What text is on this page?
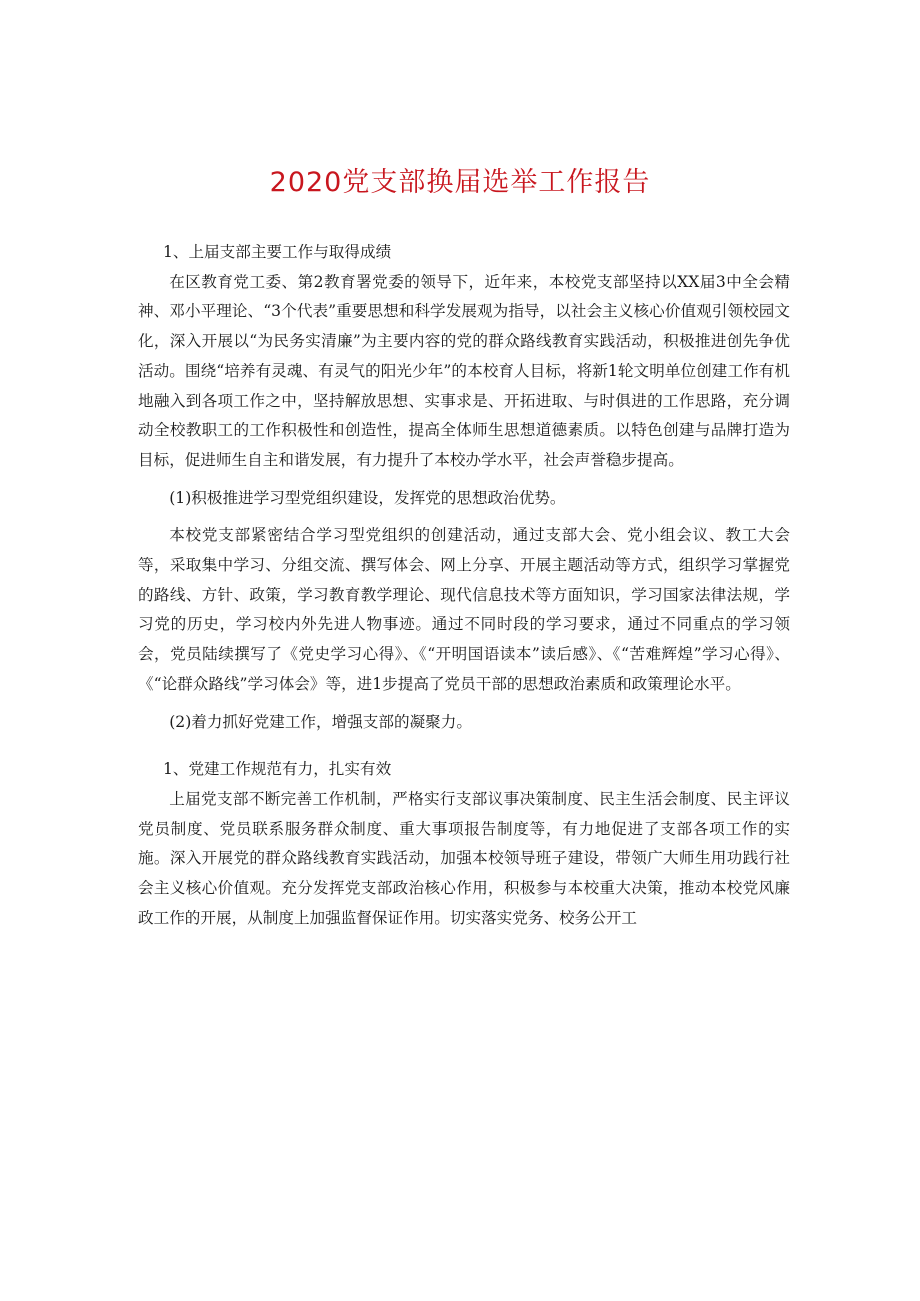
2020党支部换届选举工作报告

1、上届支部主要工作与取得成绩

在区教育党工委、第2教育署党委的领导下，近年来，本校党支部坚持以XX届3中全会精神、邓小平理论、“3个代表”重要思想和科学发展观为指导，以社会主义核心价值观引领校园文化，深入开展以“为民务实清廉”为主要内容的党的群众路线教育实践活动，积极推进创先争优活动。围绕“培养有灵魂、有灵气的阳光少年”的本校育人目标，将新1轮文明单位创建工作有机地融入到各项工作之中，坚持解放思想、实事求是、开拓进取、与时俱进的工作思路，充分调动全校教职工的工作积极性和创造性，提高全体师生思想道德素质。以特色创建与品牌打造为目标，促进师生自主和谐发展，有力提升了本校办学水平，社会声誉稳步提高。

(1)积极推进学习型党组织建设，发挥党的思想政治优势。

本校党支部紧密结合学习型党组织的创建活动，通过支部大会、党小组会议、教工大会等，采取集中学习、分组交流、撰写体会、网上分享、开展主题活动等方式，组织学习掌握党的路线、方针、政策，学习教育教学理论、现代信息技术等方面知识，学习国家法律法规，学习党的历史，学习校内外先进人物事迹。通过不同时段的学习要求，通过不同重点的学习领会，党员陆续撰写了《党史学习心得》、《“开明国语读本”读后感》、《“苦难辉煌”学习心得》、《“论群众路线”学习体会》等，进1步提高了党员干部的思想政治素质和政策理论水平。

(2)着力抓好党建工作，增强支部的凝聚力。

1、党建工作规范有力，扎实有效

上届党支部不断完善工作机制，严格实行支部议事决策制度、民主生活会制度、民主评议党员制度、党员联系服务群众制度、重大事项报告制度等，有力地促进了支部各项工作的实施。深入开展党的群众路线教育实践活动，加强本校领导班子建设，带领广大师生用功践行社会主义核心价值观。充分发挥党支部政治核心作用，积极参与本校重大决策，推动本校党风廉政工作的开展，从制度上加强监督保证作用。切实落实党务、校务公开工
